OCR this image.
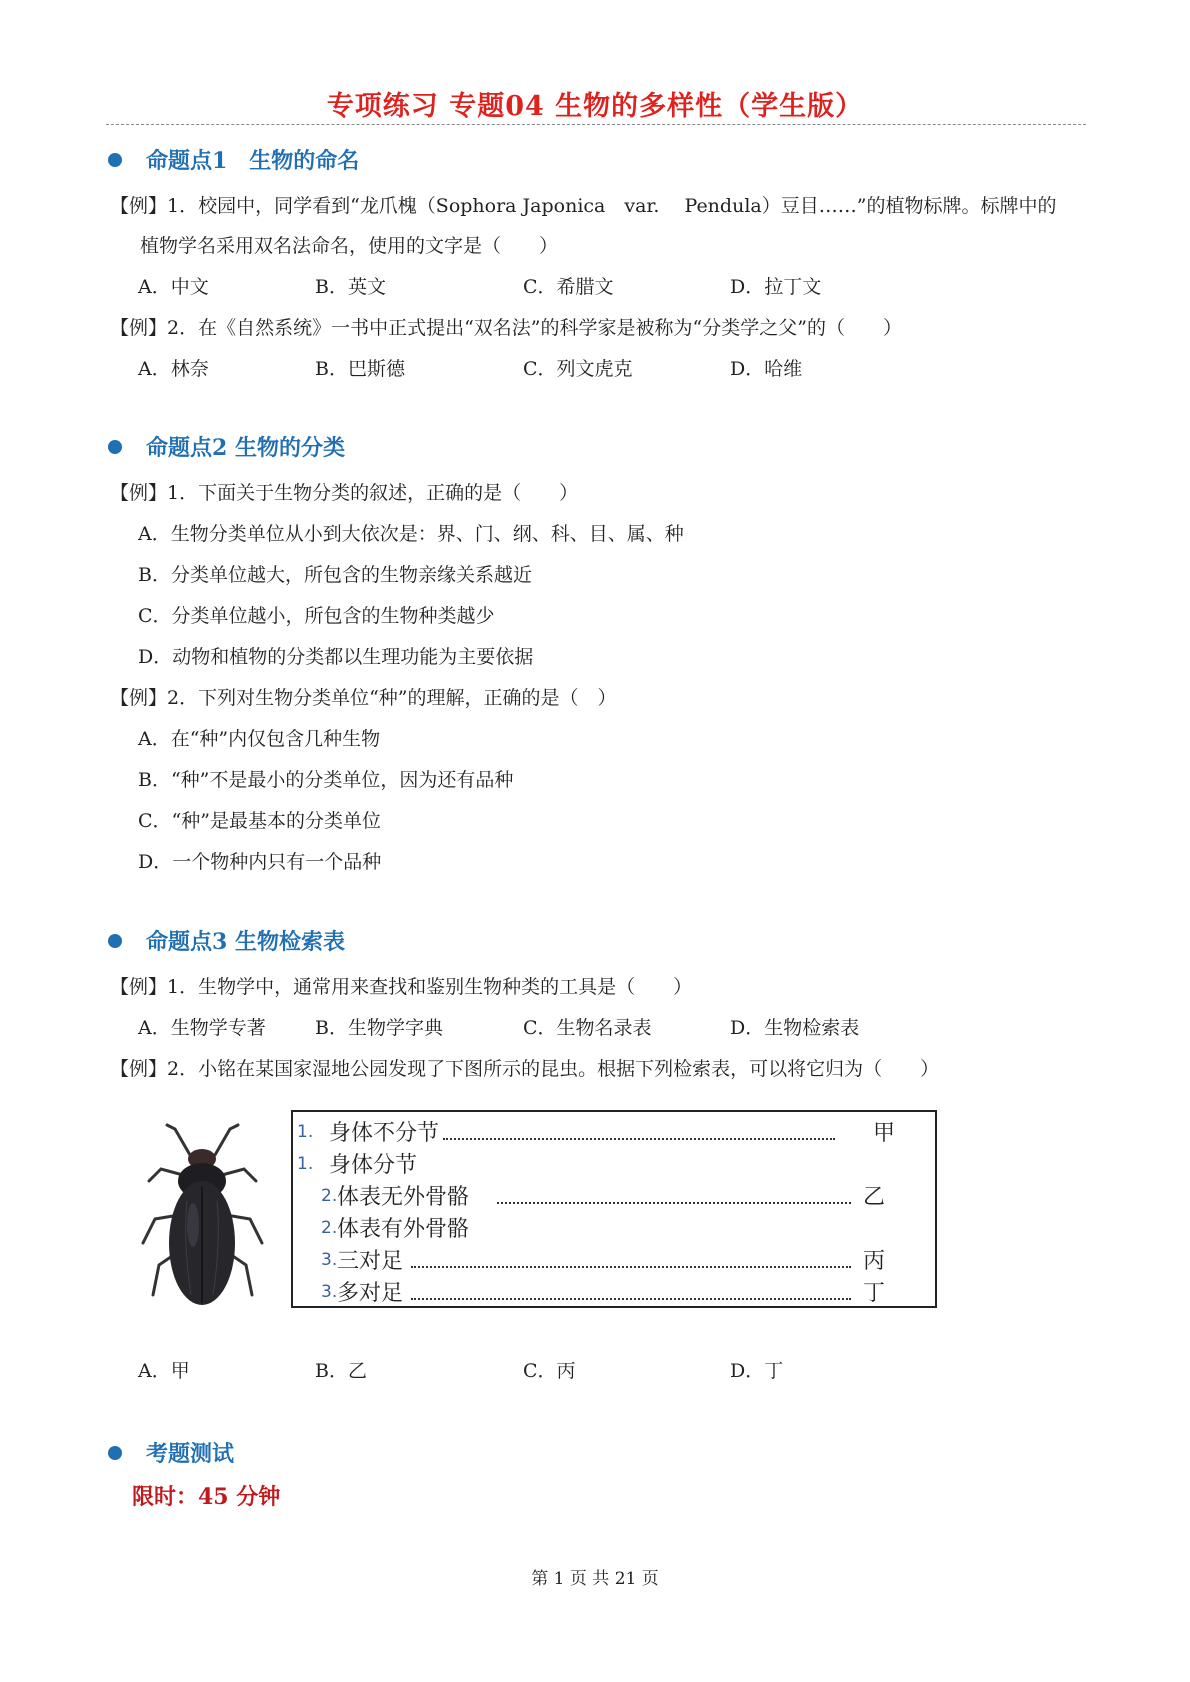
专项练习 专题04 生物的多样性（学生版）
命题点1　生物的命名
【例】1．校园中，同学看到“龙爪槐（Sophora Japonica　var.　 Pendula）豆目……”的植物标牌。标牌中的
植物学名采用双名法命名，使用的文字是（　　）
A．中文	B．英文	C．希腊文	D．拉丁文
【例】2．在《自然系统》一书中正式提出“双名法”的科学家是被称为“分类学之父”的（　　）
A．林奈	B．巴斯德	C．列文虎克	D．哈维
命题点2 生物的分类
【例】1．下面关于生物分类的叙述，正确的是（　　）
A．生物分类单位从小到大依次是：界、门、纲、科、目、属、种
B．分类单位越大，所包含的生物亲缘关系越近
C．分类单位越小，所包含的生物种类越少
D．动物和植物的分类都以生理功能为主要依据
【例】2．下列对生物分类单位“种”的理解，正确的是（　）
A．在“种”内仅包含几种生物
B．“种”不是最小的分类单位，因为还有品种
C．“种”是最基本的分类单位
D．一个物种内只有一个品种
命题点3 生物检索表
【例】1．生物学中，通常用来查找和鉴别生物种类的工具是（　　）
A．生物学专著	B．生物学字典	C．生物名录表	D．生物检索表
【例】2．小铭在某国家湿地公园发现了下图所示的昆虫。根据下列检索表，可以将它归为（　　）
1. 身体不分节	甲
1. 身体分节
2. 体表无外骨骼	乙
2. 体表有外骨骼
3. 三对足	丙
3. 多对足	丁
A．甲	B．乙	C．丙	D．丁
考题测试
限时：45 分钟
第 1 页 共 21 页
